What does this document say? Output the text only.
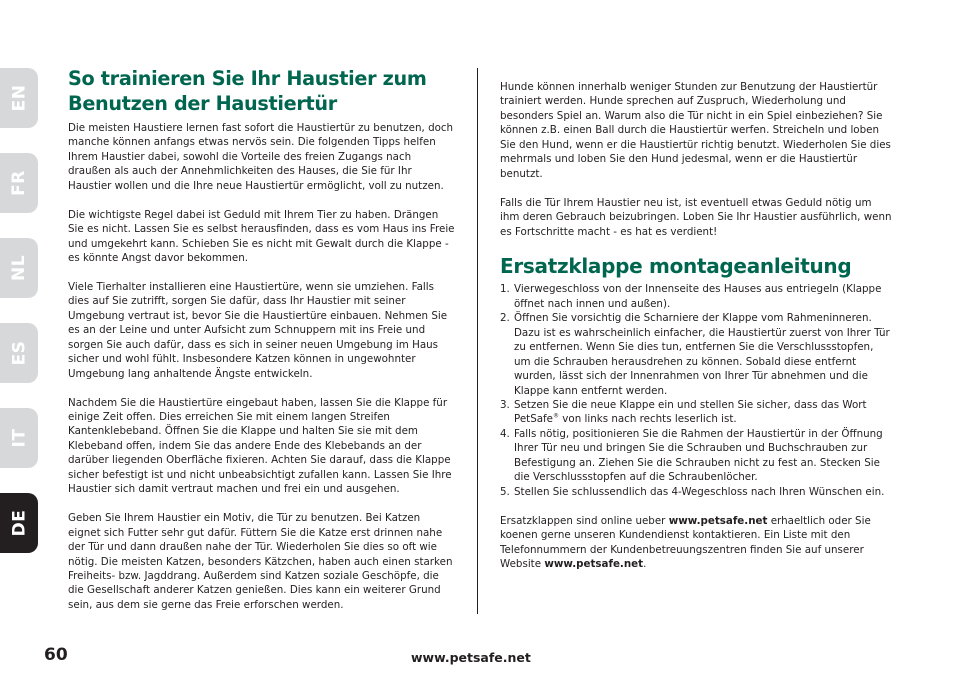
EN
FR
NL
ES
IT
DE
So trainieren Sie Ihr Haustier zum Benutzen der Haustiertür

Die meisten Haustiere lernen fast sofort die Haustiertür zu benutzen, doch manche können anfangs etwas nervös sein. Die folgenden Tipps helfen Ihrem Haustier dabei, sowohl die Vorteile des freien Zugangs nach draußen als auch der Annehmlichkeiten des Hauses, die Sie für Ihr Haustier wollen und die Ihre neue Haustiertür ermöglicht, voll zu nutzen.

Die wichtigste Regel dabei ist Geduld mit Ihrem Tier zu haben. Drängen Sie es nicht. Lassen Sie es selbst herausfinden, dass es vom Haus ins Freie und umgekehrt kann. Schieben Sie es nicht mit Gewalt durch die Klappe - es könnte Angst davor bekommen.

Viele Tierhalter installieren eine Haustiertüre, wenn sie umziehen. Falls dies auf Sie zutrifft, sorgen Sie dafür, dass Ihr Haustier mit seiner Umgebung vertraut ist, bevor Sie die Haustiertüre einbauen. Nehmen Sie es an der Leine und unter Aufsicht zum Schnuppern mit ins Freie und sorgen Sie auch dafür, dass es sich in seiner neuen Umgebung im Haus sicher und wohl fühlt. Insbesondere Katzen können in ungewohnter Umgebung lang anhaltende Ängste entwickeln.

Nachdem Sie die Haustiertüre eingebaut haben, lassen Sie die Klappe für einige Zeit offen. Dies erreichen Sie mit einem langen Streifen Kantenklebeband. Öffnen Sie die Klappe und halten Sie sie mit dem Klebeband offen, indem Sie das andere Ende des Klebebands an der darüber liegenden Oberfläche fixieren. Achten Sie darauf, dass die Klappe sicher befestigt ist und nicht unbeabsichtigt zufallen kann. Lassen Sie Ihre Haustier sich damit vertraut machen und frei ein und ausgehen.

Geben Sie Ihrem Haustier ein Motiv, die Tür zu benutzen. Bei Katzen eignet sich Futter sehr gut dafür. Füttern Sie die Katze erst drinnen nahe der Tür und dann draußen nahe der Tür. Wiederholen Sie dies so oft wie nötig. Die meisten Katzen, besonders Kätzchen, haben auch einen starken Freiheits- bzw. Jagddrang. Außerdem sind Katzen soziale Geschöpfe, die die Gesellschaft anderer Katzen genießen. Dies kann ein weiterer Grund sein, aus dem sie gerne das Freie erforschen werden.

Hunde können innerhalb weniger Stunden zur Benutzung der Haustiertür trainiert werden. Hunde sprechen auf Zuspruch, Wiederholung und besonders Spiel an. Warum also die Tür nicht in ein Spiel einbeziehen? Sie können z.B. einen Ball durch die Haustiertür werfen. Streicheln und loben Sie den Hund, wenn er die Haustiertür richtig benutzt. Wiederholen Sie dies mehrmals und loben Sie den Hund jedesmal, wenn er die Haustiertür benutzt.

Falls die Tür Ihrem Haustier neu ist, ist eventuell etwas Geduld nötig um ihm deren Gebrauch beizubringen. Loben Sie Ihr Haustier ausführlich, wenn es Fortschritte macht - es hat es verdient!

Ersatzklappe montageanleitung
1. Vierwegeschloss von der Innenseite des Hauses aus entriegeln (Klappe öffnet nach innen und außen).
2. Öffnen Sie vorsichtig die Scharniere der Klappe vom Rahmeninneren. Dazu ist es wahrscheinlich einfacher, die Haustiertür zuerst von Ihrer Tür zu entfernen. Wenn Sie dies tun, entfernen Sie die Verschlussstopfen, um die Schrauben herausdrehen zu können. Sobald diese entfernt wurden, lässt sich der Innenrahmen von Ihrer Tür abnehmen und die Klappe kann entfernt werden.
3. Setzen Sie die neue Klappe ein und stellen Sie sicher, dass das Wort PetSafe® von links nach rechts leserlich ist.
4. Falls nötig, positionieren Sie die Rahmen der Haustiertür in der Öffnung Ihrer Tür neu und bringen Sie die Schrauben und Buchschrauben zur Befestigung an. Ziehen Sie die Schrauben nicht zu fest an. Stecken Sie die Verschlussstopfen auf die Schraubenlöcher.
5. Stellen Sie schlussendlich das 4-Wegeschloss nach Ihren Wünschen ein.

Ersatzklappen sind online ueber www.petsafe.net erhaeltlich oder Sie koenen gerne unseren Kundendienst kontaktieren. Ein Liste mit den Telefonnummern der Kundenbetreuungszentren finden Sie auf unserer Website www.petsafe.net.

60	www.petsafe.net
